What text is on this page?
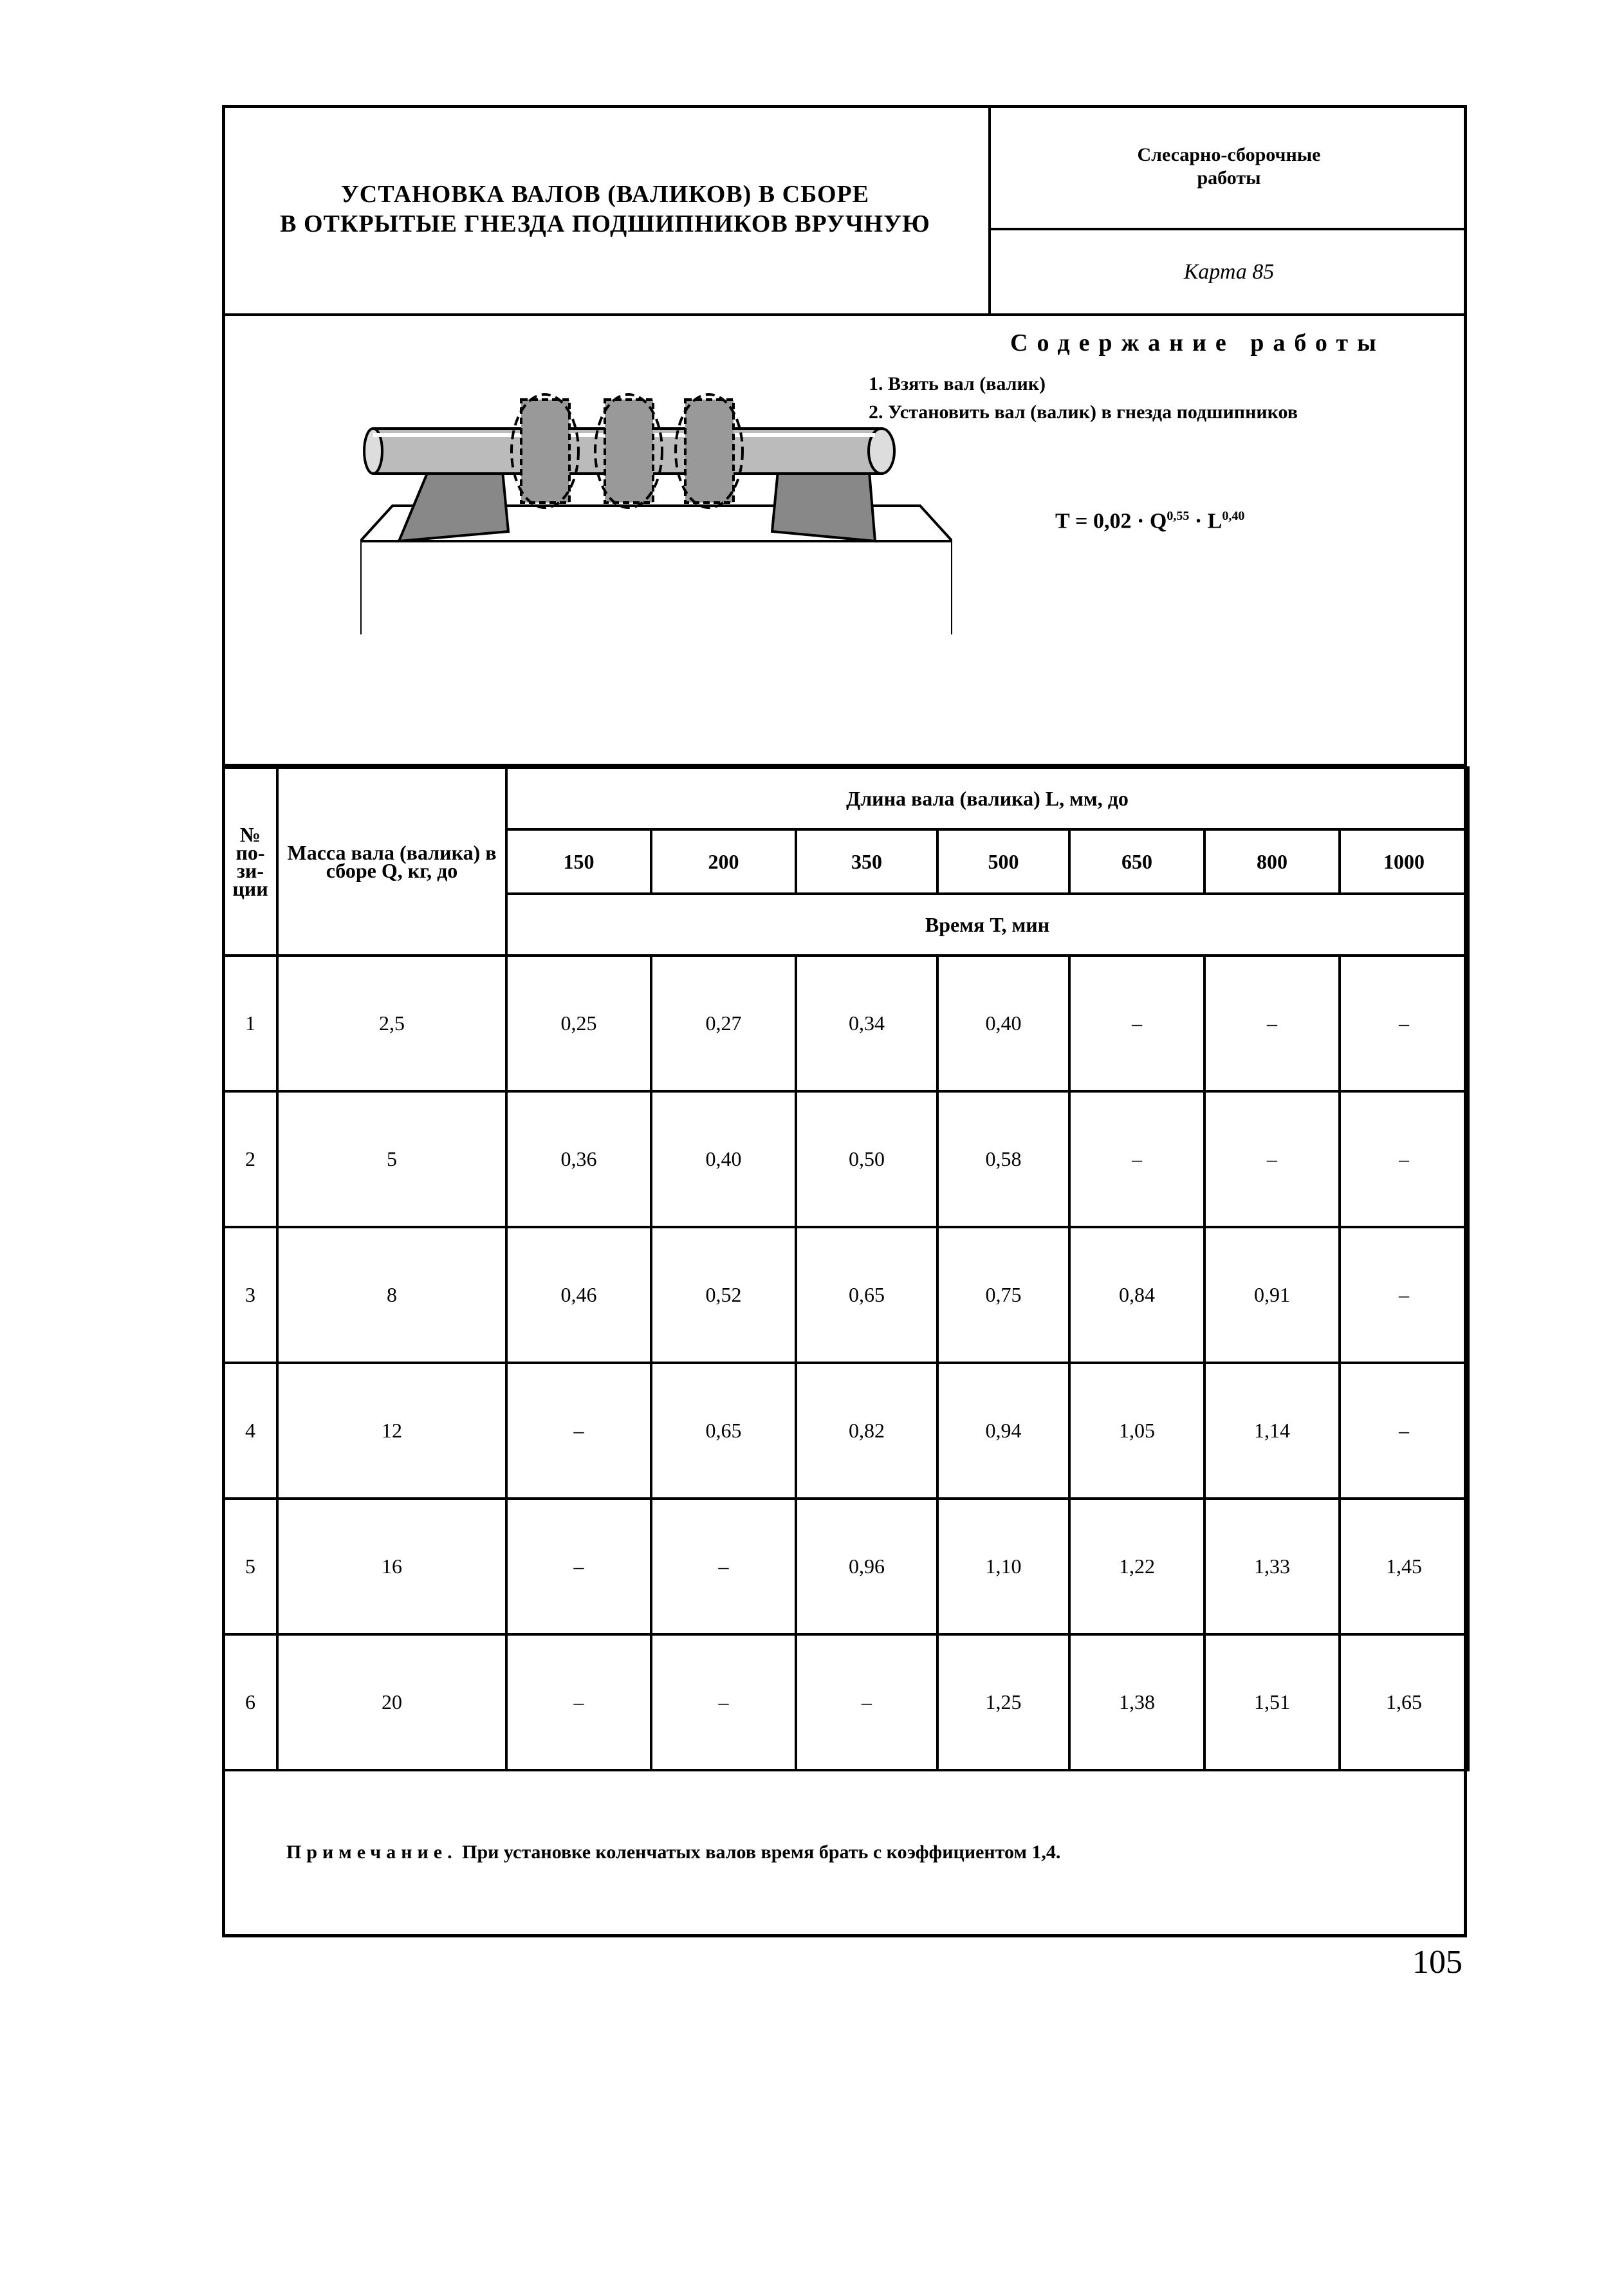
УСТАНОВКА ВАЛОВ (ВАЛИКОВ) В СБОРЕ
В ОТКРЫТЫЕ ГНЕЗДА ПОДШИПНИКОВ ВРУЧНУЮ
Слесарно-сборочные
работы
Карта 85
Содержание работы
1. Взять вал (валик)
2. Установить вал (валик) в гнезда подшипников
Т = 0,02 · Q$^{0,55}$ · L$^{0,40}$
№ по-зи-ции	Масса вала (валика) в сборе Q, кг, до	Длина вала (валика) L, мм, до						
		150	200	350	500	650	800	1000
		Время Т, мин						
1	2,5	0,25	0,27	0,34	0,40	–	–	–
2	5	0,36	0,40	0,50	0,58	–	–	–
3	8	0,46	0,52	0,65	0,75	0,84	0,91	–
4	12	–	0,65	0,82	0,94	1,05	1,14	–
5	16	–	–	0,96	1,10	1,22	1,33	1,45
6	20	–	–	–	1,25	1,38	1,51	1,65
Примечание. При установке коленчатых валов время брать с коэффициентом 1,4.
105
